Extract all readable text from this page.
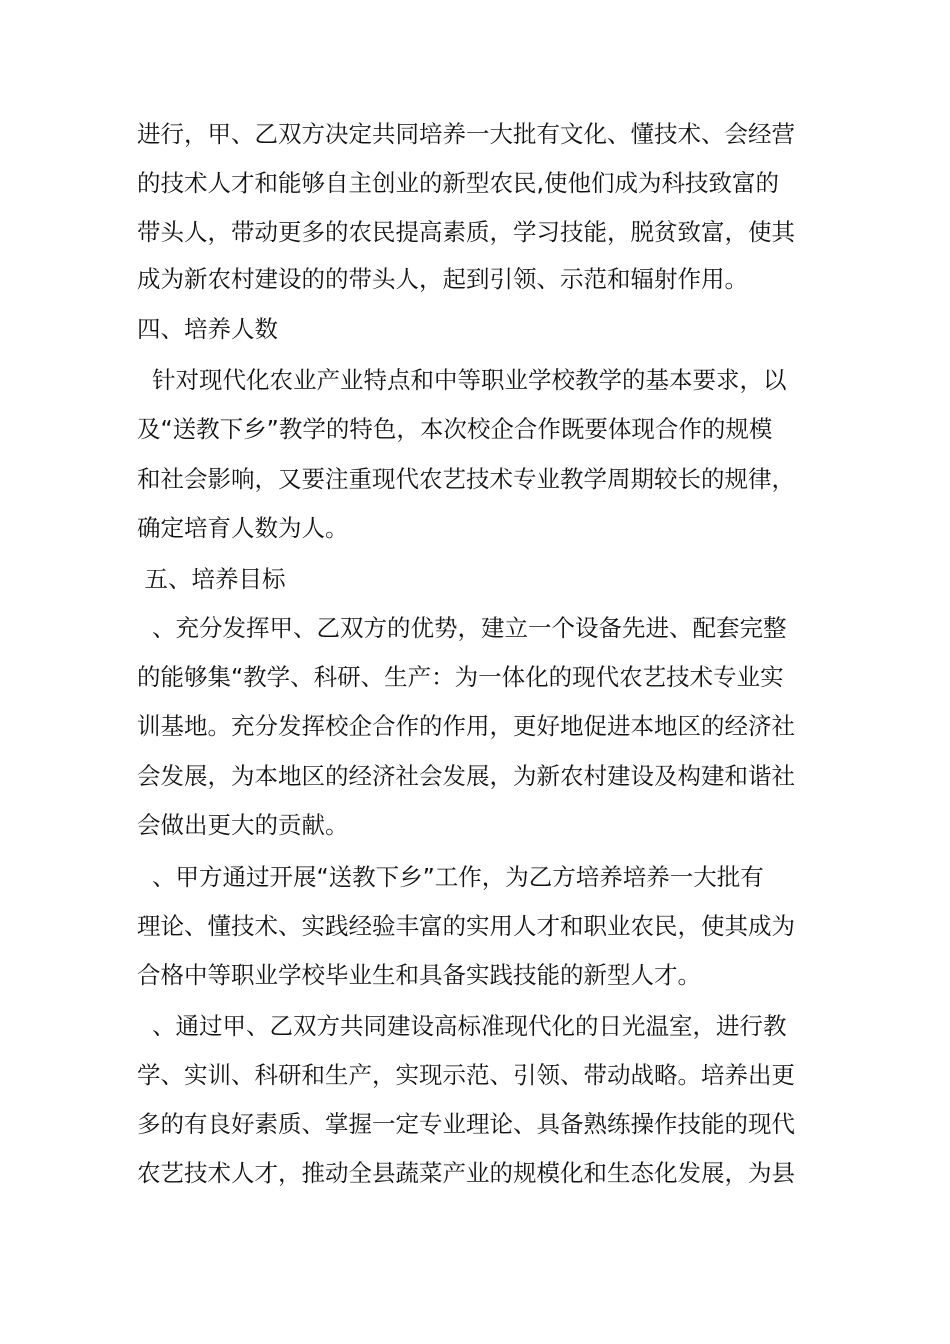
进行，甲、乙双方决定共同培养一大批有文化、懂技术、会经营
的技术人才和能够自主创业的新型农民,使他们成为科技致富的
带头人，带动更多的农民提高素质，学习技能，脱贫致富，使其
成为新农村建设的的带头人，起到引领、示范和辐射作用。
四、培养人数
针对现代化农业产业特点和中等职业学校教学的基本要求，以
及“送教下乡”教学的特色，本次校企合作既要体现合作的规模
和社会影响，又要注重现代农艺技术专业教学周期较长的规律，
确定培育人数为人。
五、培养目标
、充分发挥甲、乙双方的优势，建立一个设备先进、配套完整
的能够集“教学、科研、生产：为一体化的现代农艺技术专业实
训基地。充分发挥校企合作的作用，更好地促进本地区的经济社
会发展，为本地区的经济社会发展，为新农村建设及构建和谐社
会做出更大的贡献。
、甲方通过开展“送教下乡”工作，为乙方培养培养一大批有
理论、懂技术、实践经验丰富的实用人才和职业农民，使其成为
合格中等职业学校毕业生和具备实践技能的新型人才。
、通过甲、乙双方共同建设高标准现代化的日光温室，进行教
学、实训、科研和生产，实现示范、引领、带动战略。培养出更
多的有良好素质、掌握一定专业理论、具备熟练操作技能的现代
农艺技术人才，推动全县蔬菜产业的规模化和生态化发展，为县
